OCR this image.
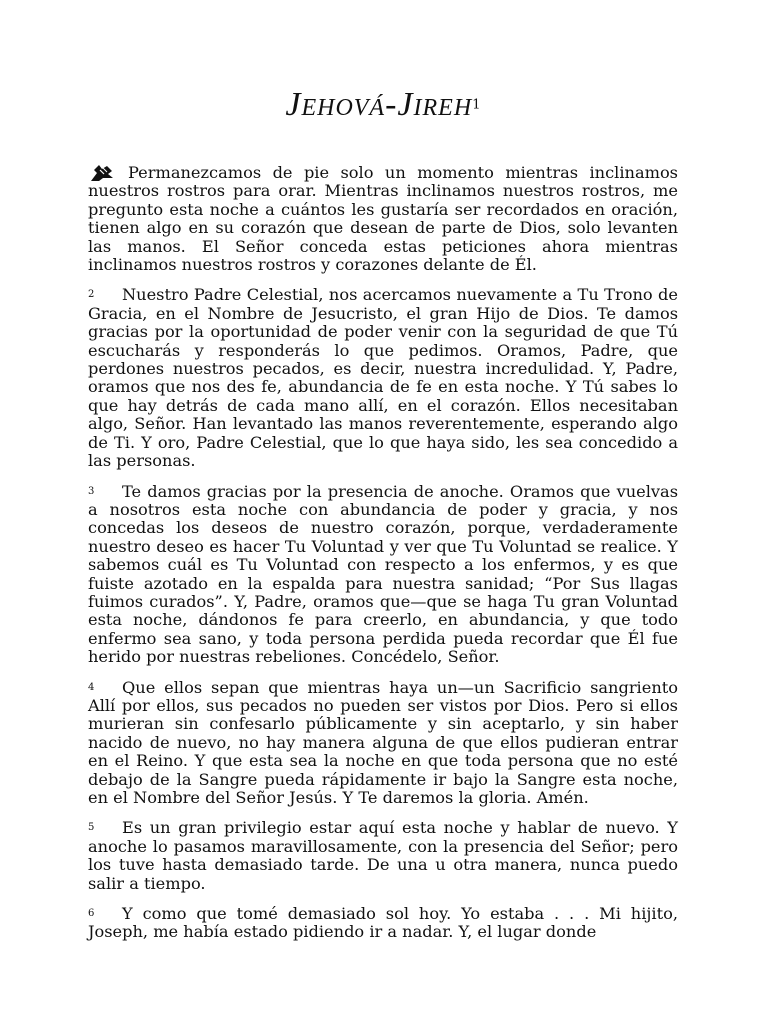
Jehová-Jireh$^1$

Permanezcamos de pie solo un momento mientras inclinamos nuestros rostros para orar. Mientras inclinamos nuestros rostros, me pregunto esta noche a cuántos les gustaría ser recordados en oración, tienen algo en su corazón que desean de parte de Dios, solo levanten las manos. El Señor conceda estas peticiones ahora mientras inclinamos nuestros rostros y corazones delante de Él.

2 Nuestro Padre Celestial, nos acercamos nuevamente a Tu Trono de Gracia, en el Nombre de Jesucristo, el gran Hijo de Dios. Te damos gracias por la oportunidad de poder venir con la seguridad de que Tú escucharás y responderás lo que pedimos. Oramos, Padre, que perdones nuestros pecados, es decir, nuestra incredulidad. Y, Padre, oramos que nos des fe, abundancia de fe en esta noche. Y Tú sabes lo que hay detrás de cada mano allí, en el corazón. Ellos necesitaban algo, Señor. Han levantado las manos reverentemente, esperando algo de Ti. Y oro, Padre Celestial, que lo que haya sido, les sea concedido a las personas.

3 Te damos gracias por la presencia de anoche. Oramos que vuelvas a nosotros esta noche con abundancia de poder y gracia, y nos concedas los deseos de nuestro corazón, porque, verdaderamente nuestro deseo es hacer Tu Voluntad y ver que Tu Voluntad se realice. Y sabemos cuál es Tu Voluntad con respecto a los enfermos, y es que fuiste azotado en la espalda para nuestra sanidad; “Por Sus llagas fuimos curados”. Y, Padre, oramos que—que se haga Tu gran Voluntad esta noche, dándonos fe para creerlo, en abundancia, y que todo enfermo sea sano, y toda persona perdida pueda recordar que Él fue herido por nuestras rebeliones. Concédelo, Señor.

4 Que ellos sepan que mientras haya un—un Sacrificio sangriento Allí por ellos, sus pecados no pueden ser vistos por Dios. Pero si ellos murieran sin confesarlo públicamente y sin aceptarlo, y sin haber nacido de nuevo, no hay manera alguna de que ellos pudieran entrar en el Reino. Y que esta sea la noche en que toda persona que no esté debajo de la Sangre pueda rápidamente ir bajo la Sangre esta noche, en el Nombre del Señor Jesús. Y Te daremos la gloria. Amén.

5 Es un gran privilegio estar aquí esta noche y hablar de nuevo. Y anoche lo pasamos maravillosamente, con la presencia del Señor; pero los tuve hasta demasiado tarde. De una u otra manera, nunca puedo salir a tiempo.

6 Y como que tomé demasiado sol hoy. Yo estaba . . . Mi hijito, Joseph, me había estado pidiendo ir a nadar. Y, el lugar donde
